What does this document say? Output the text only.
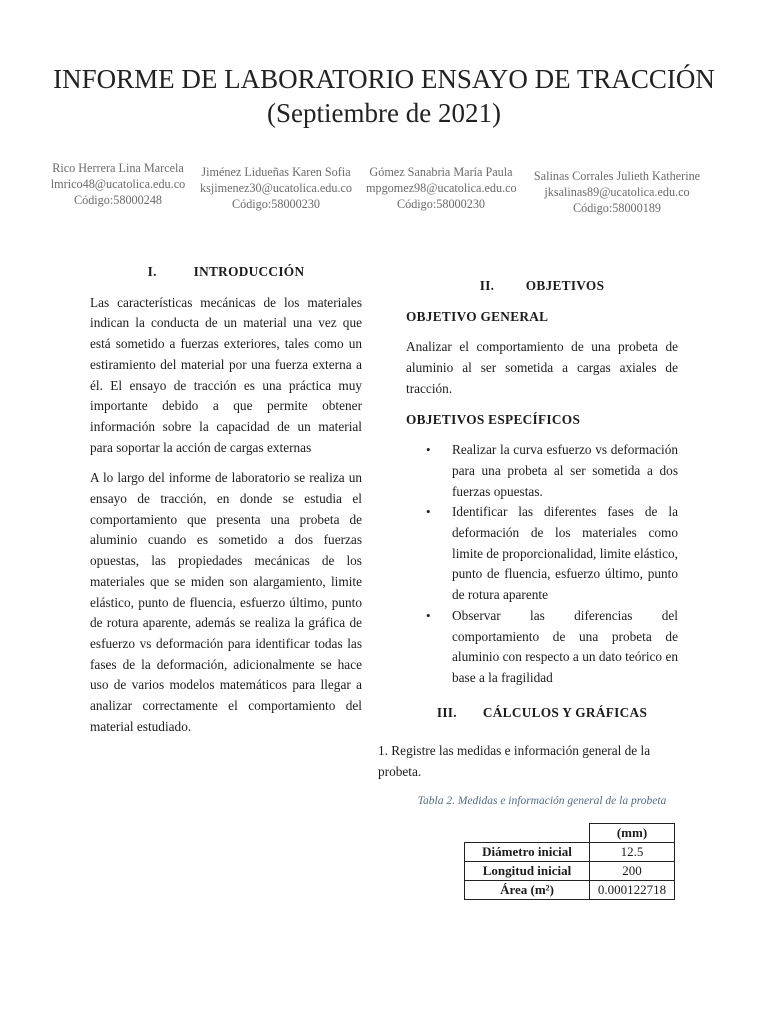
INFORME DE LABORATORIO ENSAYO DE TRACCIÓN
(Septiembre de 2021)
Rico Herrera Lina Marcela
lmrico48@ucatolica.edu.co
Código:58000248
Jiménez Lidueñas Karen Sofia
ksjimenez30@ucatolica.edu.co
Código:58000230
Gómez Sanabria María Paula
mpgomez98@ucatolica.edu.co
Código:58000230
Salinas Corrales Julieth Katherine
jksalinas89@ucatolica.edu.co
Código:58000189
I.	INTRODUCCIÓN

Las características mecánicas de los materiales indican la conducta de un material una vez que está sometido a fuerzas exteriores, tales como un estiramiento del material por una fuerza externa a él. El ensayo de tracción es una práctica muy importante debido a que permite obtener información sobre la capacidad de un material para soportar la acción de cargas externas

A lo largo del informe de laboratorio se realiza un ensayo de tracción, en donde se estudia el comportamiento que presenta una probeta de aluminio cuando es sometido a dos fuerzas opuestas, las propiedades mecánicas de los materiales que se miden son alargamiento, limite elástico, punto de fluencia, esfuerzo último, punto de rotura aparente, además se realiza la gráfica de esfuerzo vs deformación para identificar todas las fases de la deformación, adicionalmente se hace uso de varios modelos matemáticos para llegar a analizar correctamente el comportamiento del material estudiado.

II. OBJETIVOS
OBJETIVO GENERAL

Analizar el comportamiento de una probeta de aluminio al ser sometida a cargas axiales de tracción.

OBJETIVOS ESPECÍFICOS
• Realizar la curva esfuerzo vs deformación para una probeta al ser sometida a dos fuerzas opuestas.
• Identificar las diferentes fases de la deformación de los materiales como limite de proporcionalidad, limite elástico, punto de fluencia, esfuerzo último, punto de rotura aparente
• Observar las diferencias del comportamiento de una probeta de aluminio con respecto a un dato teórico en base a la fragilidad
III. CÁLCULOS Y GRÁFICAS

1. Registre las medidas e información general de la probeta.

Tabla 2. Medidas e información general de la probeta
	(mm)
Diámetro inicial	12.5
Longitud inicial	200
Área (m²)	0.000122718
